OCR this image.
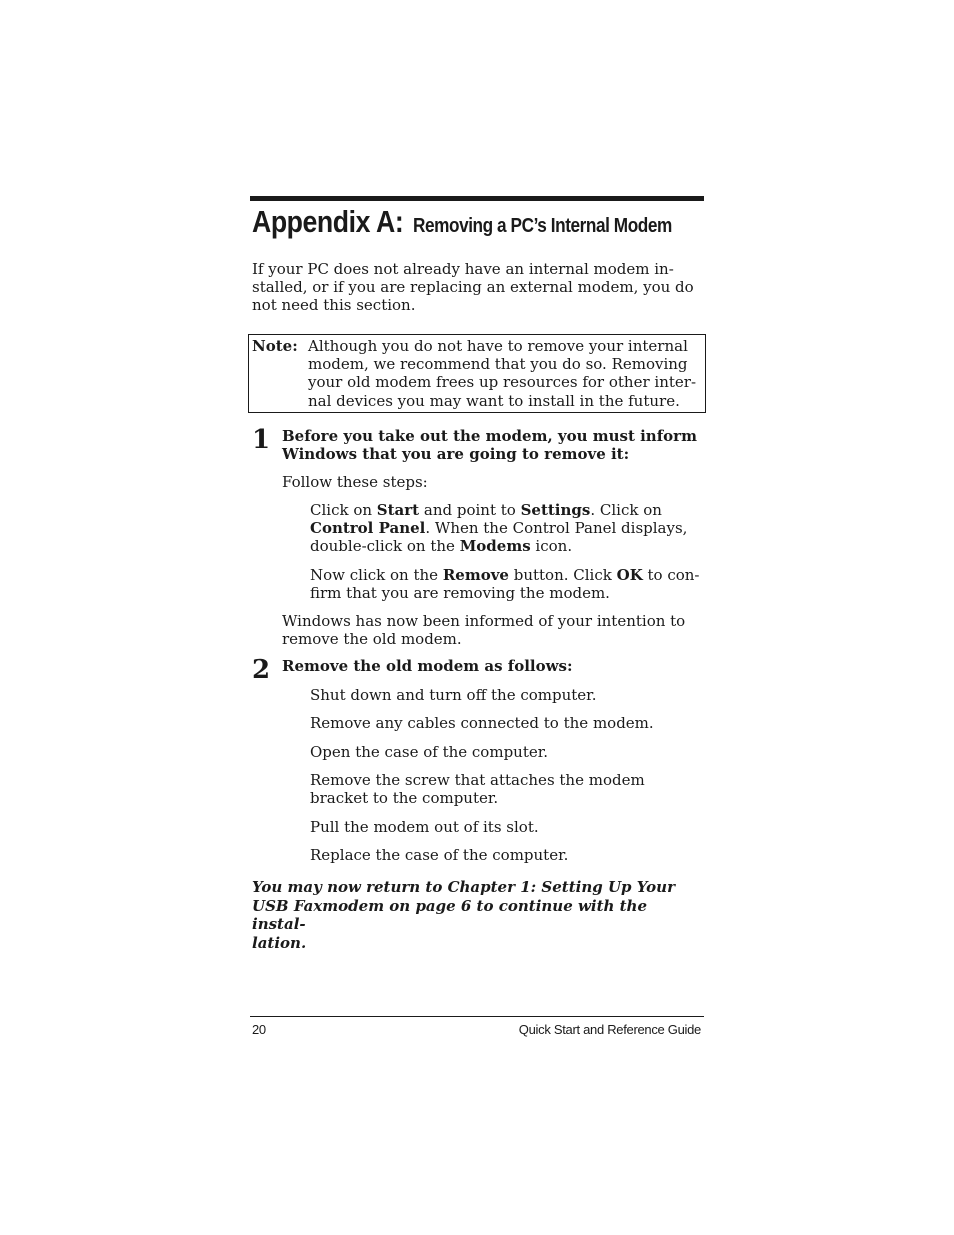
Appendix A: Removing a PC’s Internal Modem
If your PC does not already have an internal modem in-
stalled, or if you are replacing an external modem, you do
not need this section.
Note: Although you do not have to remove your internal
modem, we recommend that you do so. Removing
your old modem frees up resources for other inter-
nal devices you may want to install in the future.
1 Before you take out the modem, you must inform
Windows that you are going to remove it:
Follow these steps:
Click on Start and point to Settings. Click on
Control Panel. When the Control Panel displays,
double-click on the Modems icon.
Now click on the Remove button. Click OK to con-
firm that you are removing the modem.
Windows has now been informed of your intention to
remove the old modem.
2 Remove the old modem as follows:
Shut down and turn off the computer.
Remove any cables connected to the modem.
Open the case of the computer.
Remove the screw that attaches the modem
bracket to the computer.
Pull the modem out of its slot.
Replace the case of the computer.
You may now return to Chapter 1: Setting Up Your
USB Faxmodem on page 6 to continue with the instal-
lation.
20	Quick Start and Reference Guide
